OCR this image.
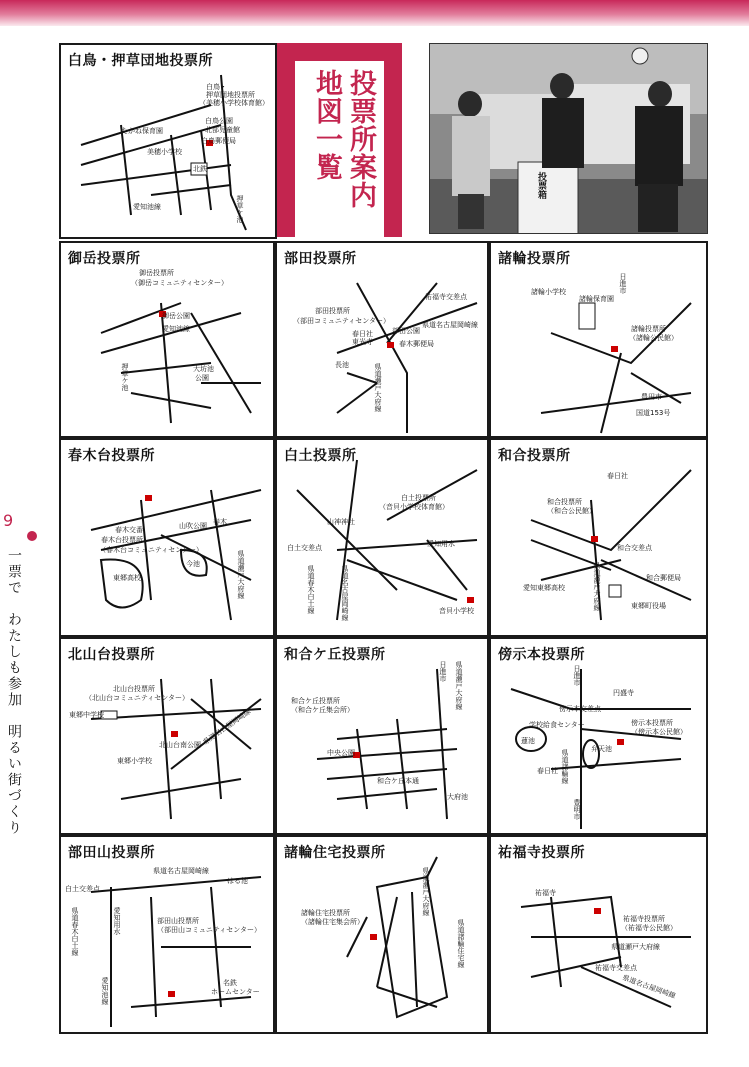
投票所案内
地図一覧
投票箱
9
一票で　わたしも参加　明るい街づくり
白鳥・押草団地投票所
白鳥・
押草団地投票所
（美穂小学校体育館）
白鳥公園
北部児童館
白鳥郵便局
北鉄
たかね保育園
美穂小学校
愛知池線	押草ケ池
御岳投票所
御岳投票所
（御岳コミュニティセンター）
御岳公園
愛知池線
大坊池
公園
押草ケ池
部田投票所
部田投票所
（部田コミュニティセンター）
祐福寺交差点
県道名古屋岡崎線
春日社
東光寺
部田公園
春木郵便局
県道瀬戸大府線
長池
諸輪投票所
諸輪小学校
諸輪保育園
諸輪投票所
（諸輪公民館）
日進市
豊田市
国道153号
春木台投票所
春木交番
春木台投票所
（春木台コミュニティセンター）
東郷高校
今池
山吹公園 春木
県道瀬戸大府線
白土投票所
白土投票所
（音貝小学校体育館）
山神神社
白土交差点	愛知用水
県道春木白土線	県道名古屋岡崎線	音貝小学校
和合投票所
春日社
和合投票所
（和合公民館）
和合交差点
愛知東郷高校
和合郵便局
東郷町役場
県道瀬戸大府線
北山台投票所
北山台投票所
（北山台コミュニティセンター）
東郷中学校
北山台南公園
東郷小学校
県道名古屋岡崎線
和合ケ丘投票所
和合ケ丘投票所
（和合ケ丘集会所）
中央公園
和合ケ丘本通
日進市 県道瀬戸大府線
大府池
傍示本投票所
日進市
円盛寺
傍示本交差点
傍示本投票所
（傍示本公民館）
学校給食センター
蓮池
弁天池
春日社
豊明市
県道諸輪線
部田山投票所
白土交差点
県道名古屋岡崎線
はる池
部田山投票所
（部田山コミュニティセンター）
名鉄
ホームセンター
県道春木白土線	愛知用水
愛知池線
諸輪住宅投票所
諸輪住宅投票所
（諸輪住宅集会所）
県道瀬戸大府線
県道諸輪住宅線
祐福寺投票所
祐福寺
祐福寺投票所
（祐福寺公民館）
県道瀬戸大府線
祐福寺交差点
県道名古屋岡崎線
